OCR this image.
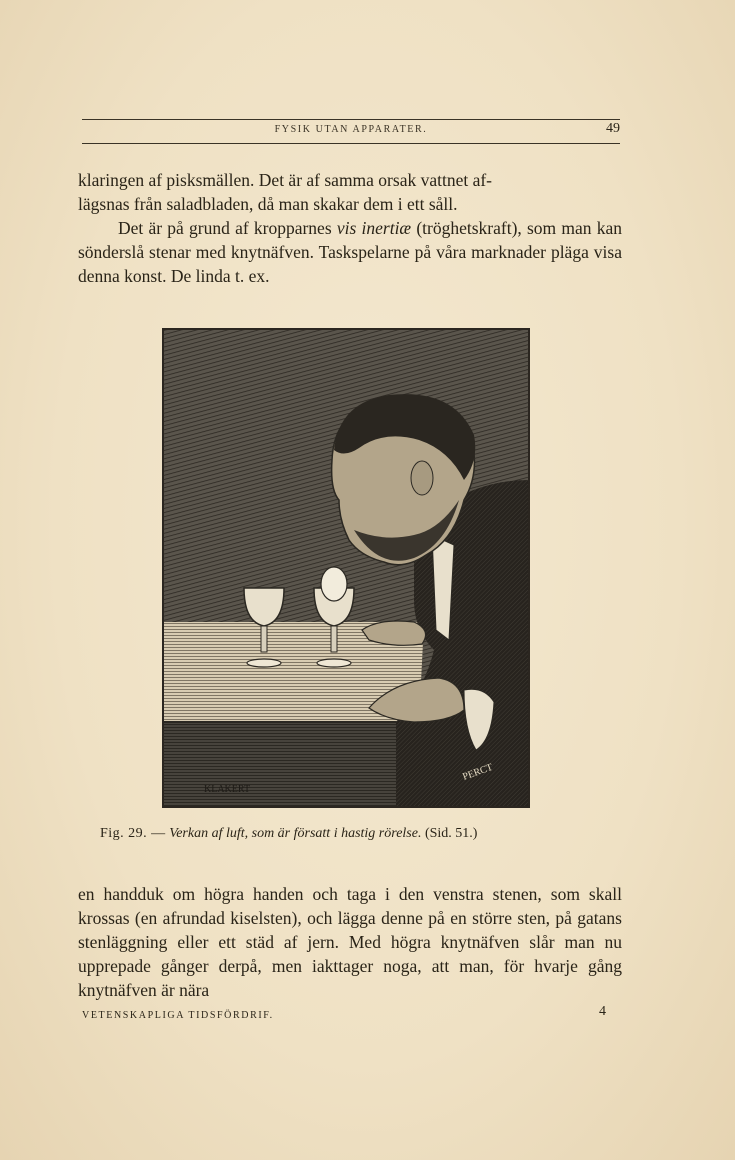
FYSIK UTAN APPARATER.	49

klaringen af pisksmällen. Det är af samma orsak vattnet af-

lägsnas från saladbladen, då man skakar dem i ett såll.

Det är på grund af kropparnes vis inertiæ (tröghetskraft), som man kan sönderslå stenar med knytnäfven. Taskspelarne på våra marknader pläga visa denna konst. De linda t. ex.

KLAKERT
PERCT
Fig. 29. — Verkan af luft, som är försatt i hastig rörelse. (Sid. 51.)

en handduk om högra handen och taga i den venstra stenen, som skall krossas (en afrundad kiselsten), och lägga denne på en större sten, på gatans stenläggning eller ett städ af jern. Med högra knytnäfven slår man nu upprepade gånger derpå, men iakttager noga, att man, för hvarje gång knytnäfven är nära

VETENSKAPLIGA TIDSFÖRDRIF.	4
